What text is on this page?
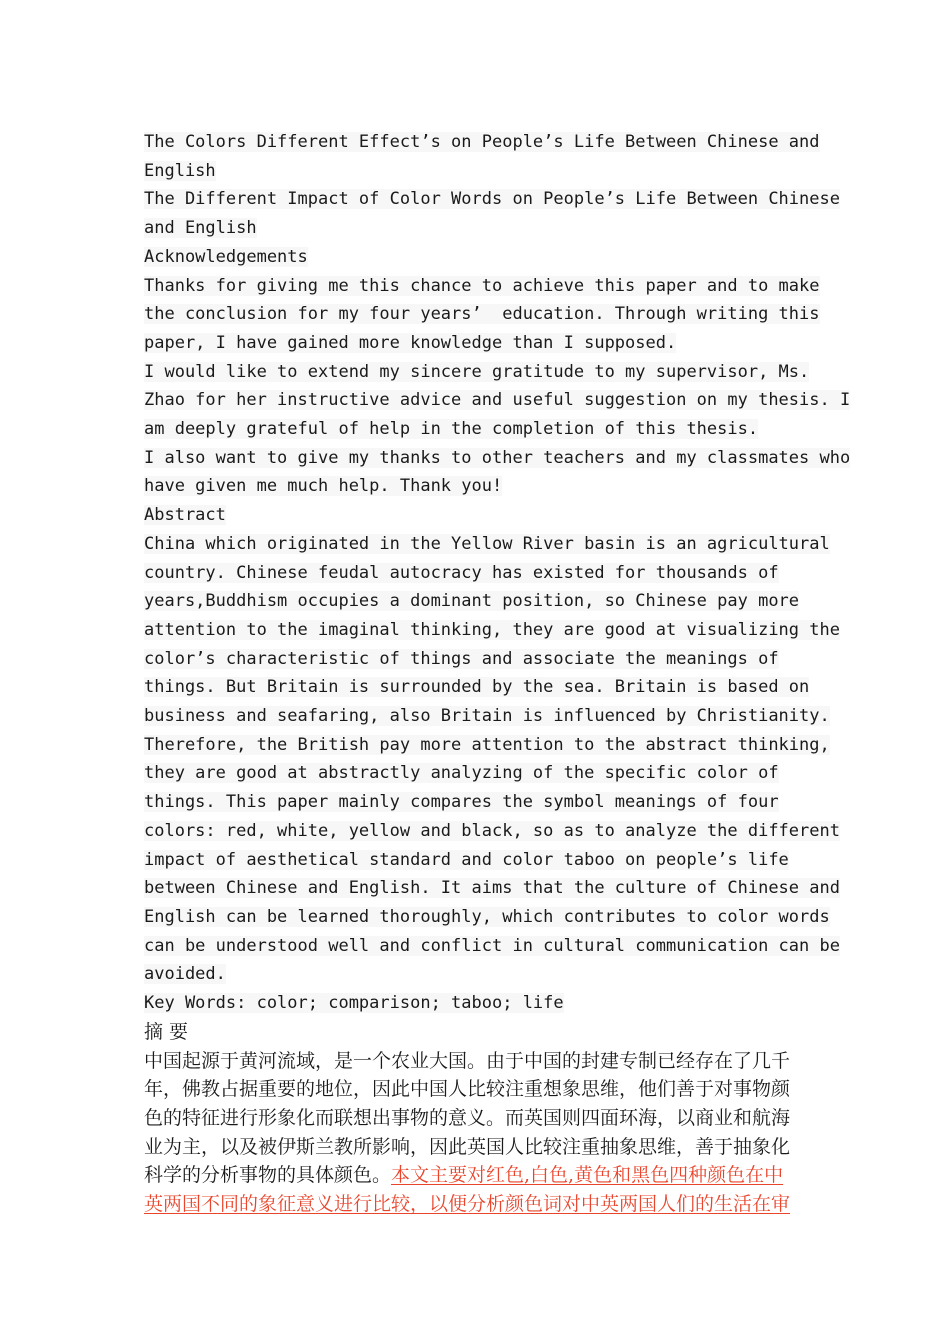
The Colors Different Effect’s on People’s Life Between Chinese and
English
The Different Impact of Color Words on People’s Life Between Chinese
and English
Acknowledgements
Thanks for giving me this chance to achieve this paper and to make
the conclusion for my four years’  education. Through writing this
paper, I have gained more knowledge than I supposed.
I would like to extend my sincere gratitude to my supervisor, Ms.
Zhao for her instructive advice and useful suggestion on my thesis. I
am deeply grateful of help in the completion of this thesis.
I also want to give my thanks to other teachers and my classmates who
have given me much help. Thank you!
Abstract
China which originated in the Yellow River basin is an agricultural
country. Chinese feudal autocracy has existed for thousands of
years,Buddhism occupies a dominant position, so Chinese pay more
attention to the imaginal thinking, they are good at visualizing the
color’s characteristic of things and associate the meanings of
things. But Britain is surrounded by the sea. Britain is based on
business and seafaring, also Britain is influenced by Christianity.
Therefore, the British pay more attention to the abstract thinking,
they are good at abstractly analyzing of the specific color of
things. This paper mainly compares the symbol meanings of four
colors: red, white, yellow and black, so as to analyze the different
impact of aesthetical standard and color taboo on people’s life
between Chinese and English. It aims that the culture of Chinese and
English can be learned thoroughly, which contributes to color words
can be understood well and conflict in cultural communication can be
avoided.
Key Words: color; comparison; taboo; life
摘 要
中国起源于黄河流域，是一个农业大国。由于中国的封建专制已经存在了几千
年，佛教占据重要的地位，因此中国人比较注重想象思维，他们善于对事物颜
色的特征进行形象化而联想出事物的意义。而英国则四面环海，以商业和航海
业为主，以及被伊斯兰教所影响，因此英国人比较注重抽象思维，善于抽象化
科学的分析事物的具体颜色。本文主要对红色,白色,黄色和黑色四种颜色在中
英两国不同的象征意义进行比较，以便分析颜色词对中英两国人们的生活在审
